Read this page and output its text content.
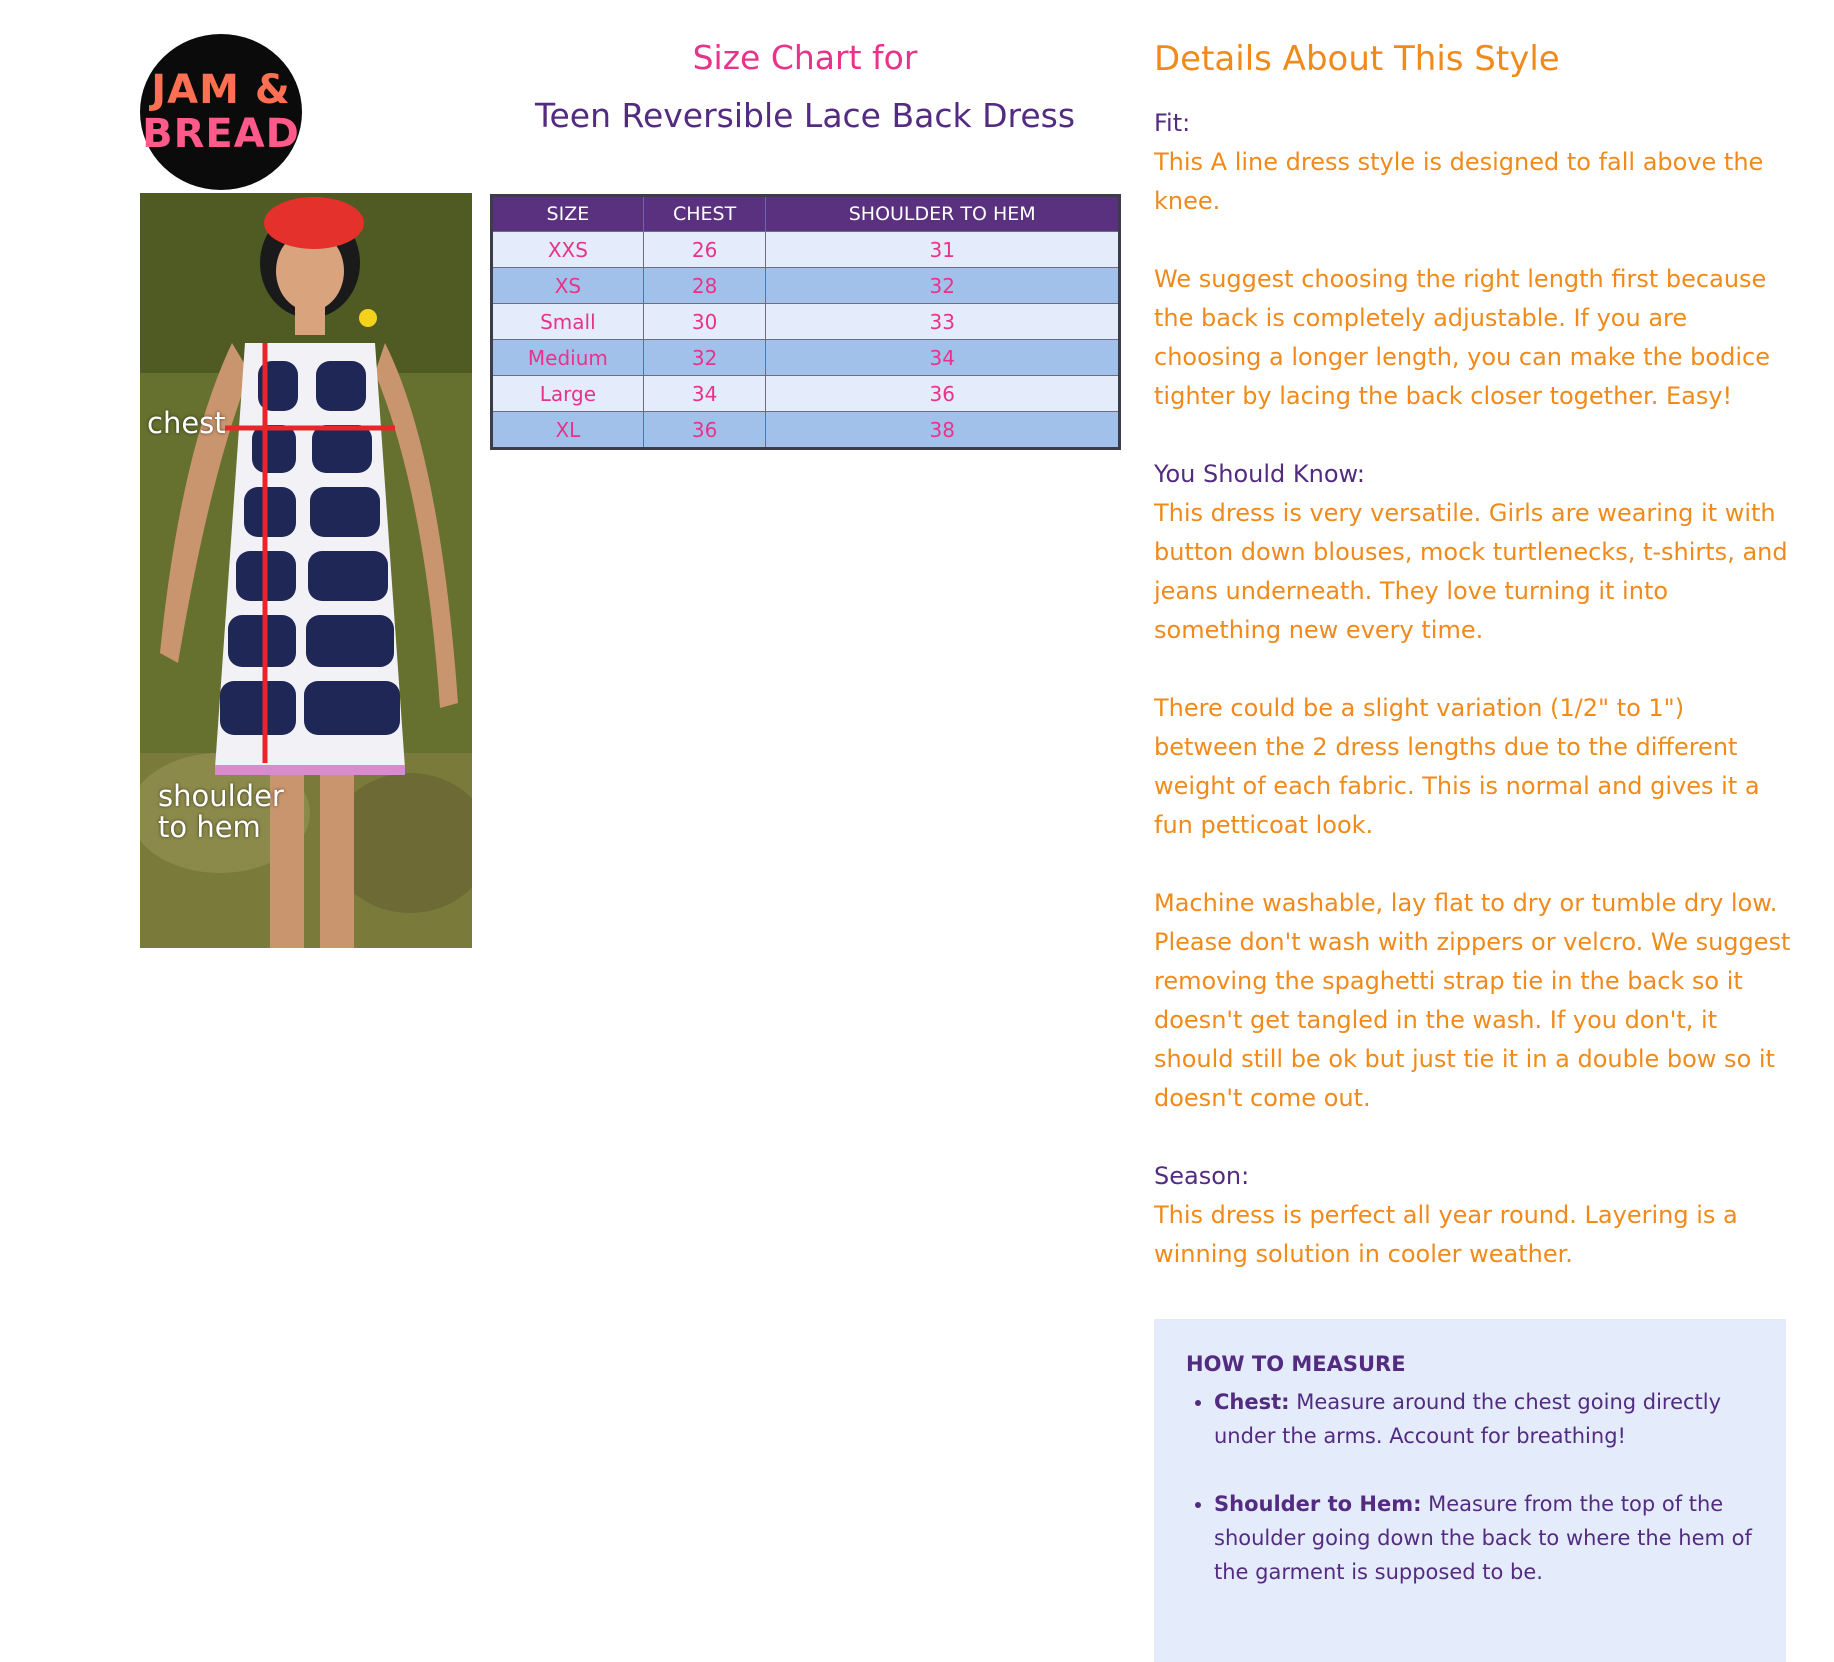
JAM &
BREAD
Size Chart for
Teen Reversible Lace Back Dress
chest
shoulder to hem
SIZE	CHEST	SHOULDER TO HEM
XXS	26	31
XS	28	32
Small	30	33
Medium	32	34
Large	34	36
XL	36	38
Details About This Style
Fit:
This A line dress style is designed to fall above the knee.
We suggest choosing the right length first because the back is completely adjustable. If you are choosing a longer length, you can make the bodice tighter by lacing the back closer together. Easy!
You Should Know:
This dress is very versatile. Girls are wearing it with button down blouses, mock turtlenecks, t-shirts, and jeans underneath. They love turning it into something new every time.
There could be a slight variation (1/2" to 1") between the 2 dress lengths due to the different weight of each fabric. This is normal and gives it a fun petticoat look.
Machine washable, lay flat to dry or tumble dry low. Please don't wash with zippers or velcro. We suggest removing the spaghetti strap tie in the back so it doesn't get tangled in the wash. If you don't, it should still be ok but just tie it in a double bow so it doesn't come out.
Season:
This dress is perfect all year round. Layering is a winning solution in cooler weather.
HOW TO MEASURE
• Chest: Measure around the chest going directly under the arms. Account for breathing!
• Shoulder to Hem: Measure from the top of the shoulder going down the back to where the hem of the garment is supposed to be.
